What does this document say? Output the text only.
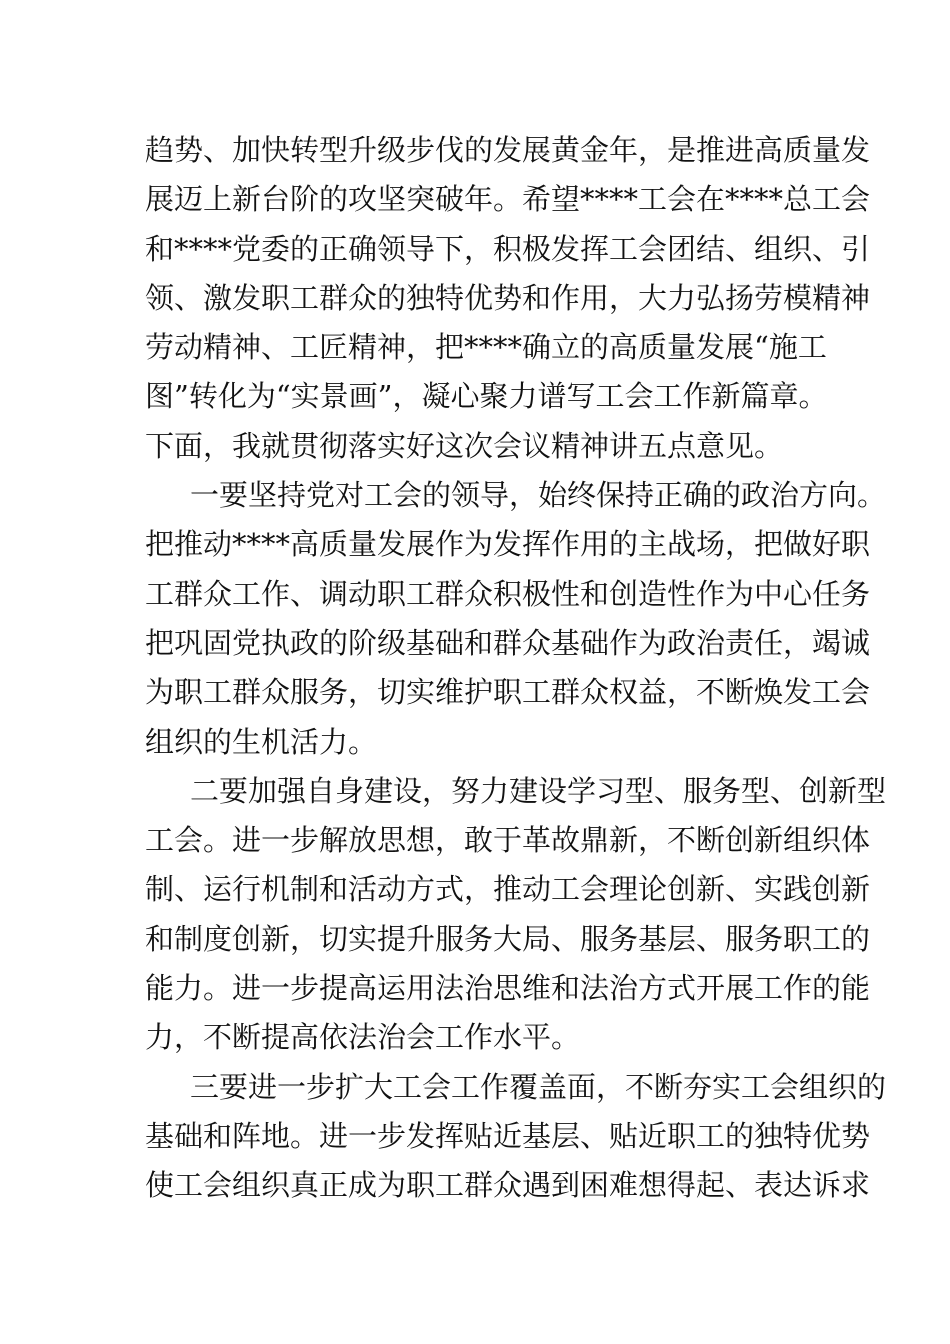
趋势、加快转型升级步伐的发展黄金年，是推进高质量发
展迈上新台阶的攻坚突破年。希望****工会在****总工会
和****党委的正确领导下，积极发挥工会团结、组织、引
领、激发职工群众的独特优势和作用，大力弘扬劳模精神
劳动精神、工匠精神，把****确立的高质量发展“施工
图”转化为“实景画”，凝心聚力谱写工会工作新篇章。
下面，我就贯彻落实好这次会议精神讲五点意见。
一要坚持党对工会的领导，始终保持正确的政治方向。
把推动****高质量发展作为发挥作用的主战场，把做好职
工群众工作、调动职工群众积极性和创造性作为中心任务
把巩固党执政的阶级基础和群众基础作为政治责任，竭诚
为职工群众服务，切实维护职工群众权益，不断焕发工会
组织的生机活力。
二要加强自身建设，努力建设学习型、服务型、创新型
工会。进一步解放思想，敢于革故鼎新，不断创新组织体
制、运行机制和活动方式，推动工会理论创新、实践创新
和制度创新，切实提升服务大局、服务基层、服务职工的
能力。进一步提高运用法治思维和法治方式开展工作的能
力，不断提高依法治会工作水平。
三要进一步扩大工会工作覆盖面，不断夯实工会组织的
基础和阵地。进一步发挥贴近基层、贴近职工的独特优势
使工会组织真正成为职工群众遇到困难想得起、表达诉求
